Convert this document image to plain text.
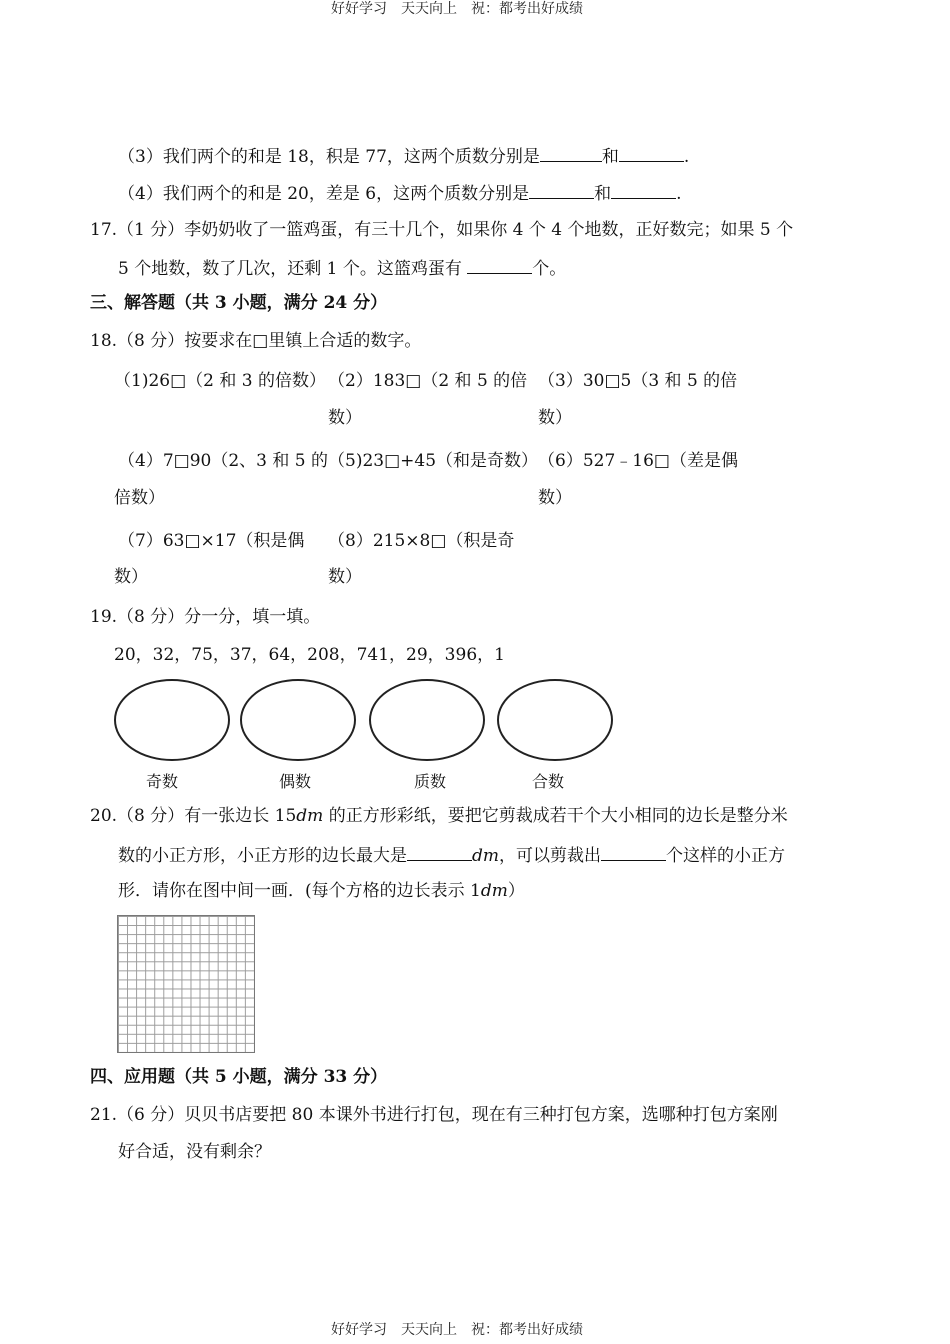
好好学习　天天向上　祝：都考出好成绩
好好学习　天天向上　祝：都考出好成绩
（3）我们两个的和是 18，积是 77，这两个质数分别是	和	.
（4）我们两个的和是 20，差是 6，这两个质数分别是	和	.
17.（1 分）李奶奶收了一篮鸡蛋，有三十几个，如果你 4 个 4 个地数，正好数完；如果 5 个
5 个地数，数了几次，还剩 1 个。这篮鸡蛋有	个。
三、解答题（共 3 小题，满分 24 分）
18.（8 分）按要求在□里镇上合适的数字。
（1)26□（2 和 3 的倍数） （2）183□（2 和 5 的倍
数）
（3）30□5（3 和 5 的倍
数）
（4）7□90（2、3 和 5 的
倍数）
（5)23□+45（和是奇数） （6）527﹣16□（差是偶
数）
（7）63□×17（积是偶
数）
（8）215×8□（积是奇
数）
19.（8 分）分一分，填一填。
20，32，75，37，64，208，741，29，396，1
奇数	偶数	质数	合数
20.（8 分）有一张边长 15dm 的正方形彩纸，要把它剪裁成若干个大小相同的边长是整分米
数的小正方形，小正方形的边长最大是	dm，可以剪裁出	个这样的小正方
形．请你在图中间一画．(每个方格的边长表示 1dm）
四、应用题（共 5 小题，满分 33 分）
21.（6 分）贝贝书店要把 80 本课外书进行打包，现在有三种打包方案，选哪种打包方案刚
好合适，没有剩余？
